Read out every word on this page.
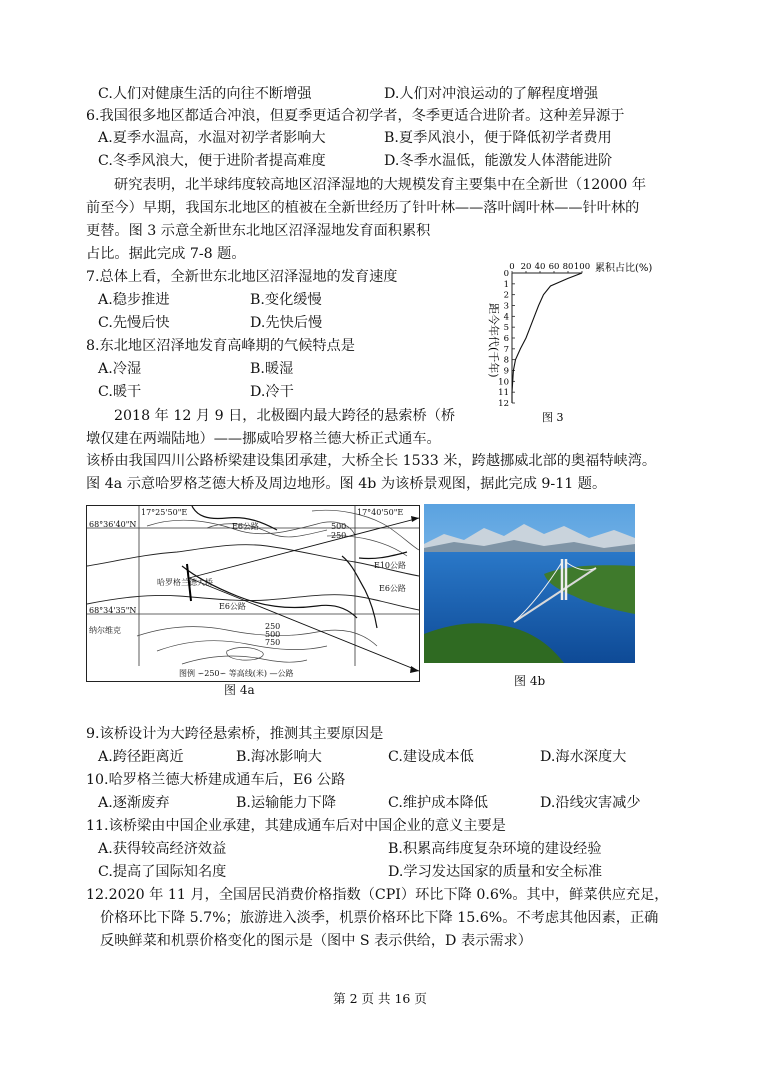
C.人们对健康生活的向往不断增强	D.人们对冲浪运动的了解程度增强
6.我国很多地区都适合冲浪，但夏季更适合初学者，冬季更适合进阶者。这种差异源于
A.夏季水温高，水温对初学者影响大	B.夏季风浪小，便于降低初学者费用
C.冬季风浪大，便于进阶者提高难度	D.冬季水温低，能激发人体潜能进阶
研究表明，北半球纬度较高地区沼泽湿地的大规模发育主要集中在全新世（12000 年
前至今）早期，我国东北地区的植被在全新世经历了针叶林——落叶阔叶林——针叶林的
更替。图 3 示意全新世东北地区沼泽湿地发育面积累积
占比。据此完成 7-8 题。
7.总体上看，全新世东北地区沼泽湿地的发育速度
A.稳步推进	B.变化缓慢
C.先慢后快	D.先快后慢
8.东北地区沼泽地发育高峰期的气候特点是
A.冷湿	B.暖湿
C.暖干	D.冷干
0 20 40 60 80 100
0
1
2
3
4
5
6
7
8
9
10
11
12
累积占比(%)
距今年代(千年)
图 3
2018 年 12 月 9 日，北极圈内最大跨径的悬索桥（桥
墩仅建在两端陆地）——挪威哈罗格兰德大桥正式通车。
该桥由我国四川公路桥梁建设集团承建，大桥全长 1533 米，跨越挪威北部的奥福特峡湾。
图 4a 示意哈罗格芝德大桥及周边地形。图 4b 为该桥景观图，据此完成 9-11 题。
17°25'50"E	17°40'50"E
68°36'40"N
68°34'35"N
E6公路	500
250
E10公路
E6公路
哈罗格兰德大桥
E6公路
纳尔维克	250
500
750
图例 ∽250∽ 等高线(米) —公路
图 4a
图 4b
9.该桥设计为大跨径悬索桥，推测其主要原因是
A.跨径距离近	B.海冰影响大	C.建设成本低	D.海水深度大
10.哈罗格兰德大桥建成通车后，E6 公路
A.逐渐废弃	B.运输能力下降	C.维护成本降低	D.沿线灾害减少
11.该桥梁由中国企业承建，其建成通车后对中国企业的意义主要是
A.获得较高经济效益	B.积累高纬度复杂环境的建设经验
C.提高了国际知名度	D.学习发达国家的质量和安全标准
12.2020 年 11 月，全国居民消费价格指数（CPI）环比下降 0.6%。其中，鲜菜供应充足，
价格环比下降 5.7%；旅游进入淡季，机票价格环比下降 15.6%。不考虑其他因素，正确
反映鲜菜和机票价格变化的图示是（图中 S 表示供给，D 表示需求）
第 2 页 共 16 页
